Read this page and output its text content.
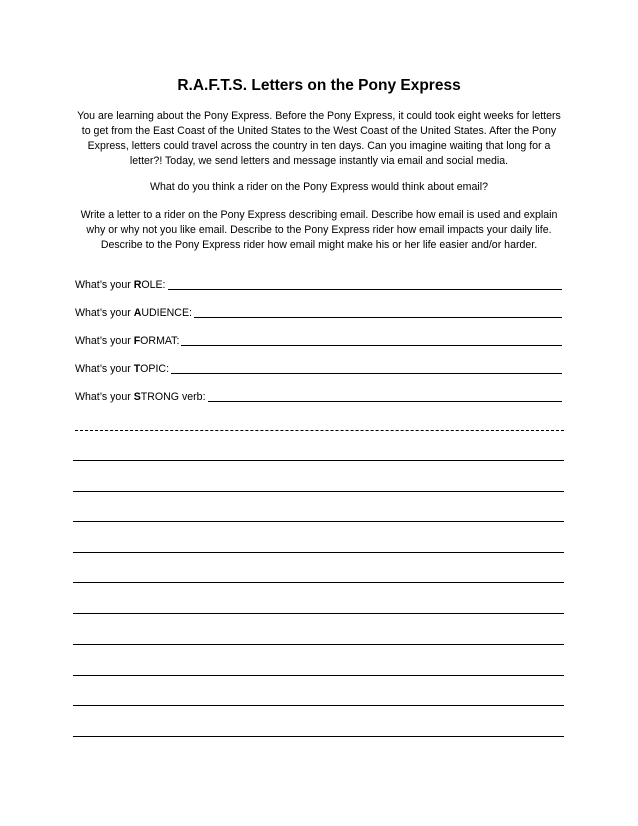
R.A.F.T.S. Letters on the Pony Express

You are learning about the Pony Express. Before the Pony Express, it could took eight weeks for letters to get from the East Coast of the United States to the West Coast of the United States. After the Pony Express, letters could travel across the country in ten days. Can you imagine waiting that long for a letter?! Today, we send letters and message instantly via email and social media.

What do you think a rider on the Pony Express would think about email?

Write a letter to a rider on the Pony Express describing email. Describe how email is used and explain why or why not you like email. Describe to the Pony Express rider how email impacts your daily life. Describe to the Pony Express rider how email might make his or her life easier and/or harder.

What’s your ROLE:
What’s your AUDIENCE:
What’s your FORMAT:
What’s your TOPIC:
What’s your STRONG verb:
